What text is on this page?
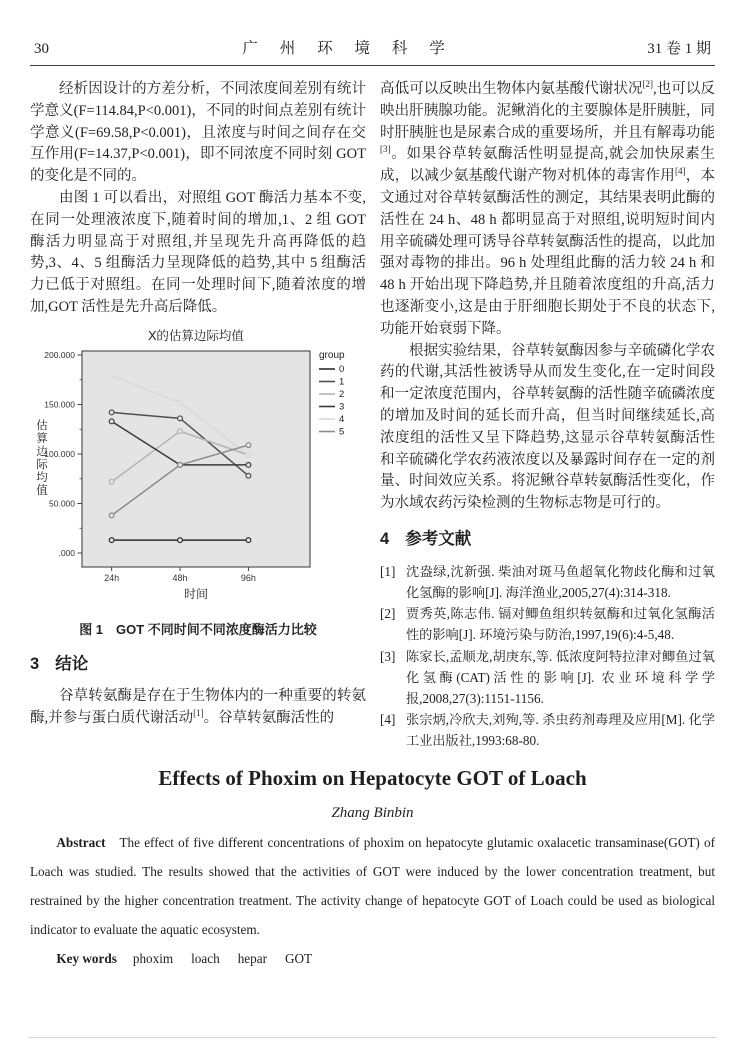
30	广 州 环 境 科 学	31 卷 1 期

经析因设计的方差分析，不同浓度间差别有统计学意义(F=114.84,P<0.001)，不同的时间点差别有统计学意义(F=69.58,P<0.001)，且浓度与时间之间存在交互作用(F=14.37,P<0.001)，即不同浓度不同时刻 GOT 的变化是不同的。

由图 1 可以看出，对照组 GOT 酶活力基本不变,在同一处理液浓度下,随着时间的增加,1、2 组 GOT 酶活力明显高于对照组,并呈现先升高再降低的趋势,3、4、5 组酶活力呈现降低的趋势,其中 5 组酶活力已低于对照组。在同一处理时间下,随着浓度的增加,GOT 活性是先升高后降低。

X的估算边际均值
200.000
150.000
100.000
50.000
.000
24h	48h	96h
时间
估
算
边
际
均
值
group
0
1
2
3
4
5
图 1　GOT 不同时间不同浓度酶活力比较
3 结论

谷草转氨酶是存在于生物体内的一种重要的转氨酶,并参与蛋白质代谢活动[1]。谷草转氨酶活性的

高低可以反映出生物体内氨基酸代谢状况[2],也可以反映出肝胰腺功能。泥鳅消化的主要腺体是肝胰脏，同时肝胰脏也是尿素合成的重要场所，并且有解毒功能[3]。如果谷草转氨酶活性明显提高,就会加快尿素生成，以减少氨基酸代谢产物对机体的毒害作用[4]，本文通过对谷草转氨酶活性的测定，其结果表明此酶的活性在 24 h、48 h 都明显高于对照组,说明短时间内用辛硫磷处理可诱导谷草转氨酶活性的提高，以此加强对毒物的排出。96 h 处理组此酶的活力较 24 h 和 48 h 开始出现下降趋势,并且随着浓度组的升高,活力也逐渐变小,这是由于肝细胞长期处于不良的状态下,功能开始衰弱下降。

根据实验结果，谷草转氨酶因参与辛硫磷化学农药的代谢,其活性被诱导从而发生变化,在一定时间段和一定浓度范围内，谷草转氨酶的活性随辛硫磷浓度的增加及时间的延长而升高，但当时间继续延长,高浓度组的活性又呈下降趋势,这显示谷草转氨酶活性和辛硫磷化学农药液浓度以及暴露时间存在一定的剂量、时间效应关系。将泥鳅谷草转氨酶活性变化，作为水域农药污染检测的生物标志物是可行的。

4 参考文献
[1] 沈盎绿,沈新强. 柴油对斑马鱼超氧化物歧化酶和过氧化氢酶的影响[J]. 海洋渔业,2005,27(4):314-318.
[2] 贾秀英,陈志伟. 镉对鲫鱼组织转氨酶和过氧化氢酶活性的影响[J]. 环境污染与防治,1997,19(6):4-5,48.
[3] 陈家长,孟顺龙,胡庚东,等. 低浓度阿特拉津对鲫鱼过氧化氢酶(CAT)活性的影响[J]. 农业环境科学学报,2008,27(3):1151-1156.
[4] 张宗炳,冷欣夫,刘殉,等. 杀虫药剂毒理及应用[M]. 化学工业出版社,1993:68-80.
Effects of Phoxim on Hepatocyte GOT of Loach
Zhang Binbin

Abstract The effect of five different concentrations of phoxim on hepatocyte glutamic oxalacetic transaminase(GOT) of Loach was studied. The results showed that the activities of GOT were induced by the lower concentration treatment, but restrained by the higher concentration treatment. The activity change of hepatocyte GOT of Loach could be used as biological indicator to evaluate the aquatic ecosystem.

Key words phoxim loach hepar GOT
